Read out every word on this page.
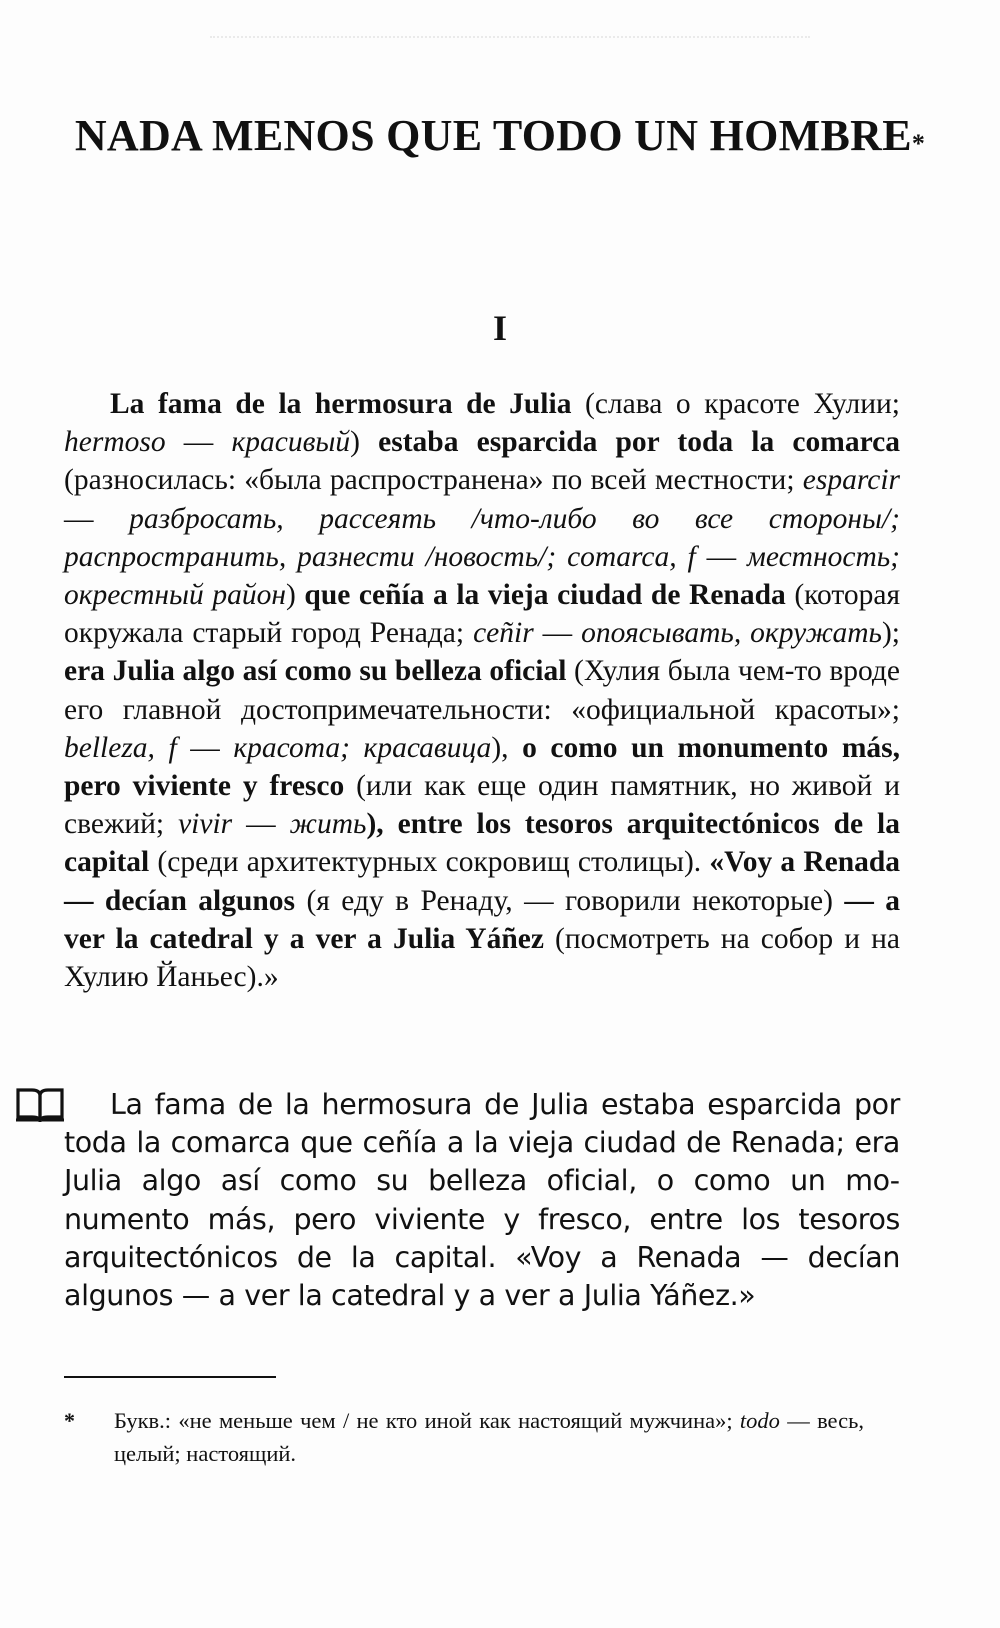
NADA MENOS QUE TODO UN HOMBRE*
I

La fama de la hermosura de Julia (слава о красоте Хулии; hermoso — красивый) estaba esparcida por toda la comarca (разносилась: «была распространена» по всей местности; esparcir — разбросать, рассеять /что-либо во все стороны/; распространить, разнести /новость/; comarca, f — местность; окрестный район) que ceñía a la vieja ciudad de Renada (которая окружала старый город Ренада; ceñir — опоясывать, окружать); era Julia algo así como su belleza oficial (Хулия была чем-то вроде его главной достопримечательности: «официальной красоты»; belleza, f — красота; красавица), o como un monumento más, pero viviente y fresco (или как еще один памятник, но живой и свежий; vivir — жить), entre los tesoros arquitectónicos de la capital (среди архитектурных сокровищ столицы). «Voy a Renada — decían algunos (я еду в Ренаду, — говорили некоторые) — a ver la catedral y a ver a Julia Yáñez (посмотреть на собор и на Хулию Йаньес).»

La fama de la hermosura de Julia estaba esparcida por toda la comarca que ceñía a la vieja ciudad de Renada; era Julia algo así como su belleza oficial, o como un monumento más, pero viviente y fresco, entre los tesoros arquitectónicos de la capital. «Voy a Renada — decían algunos — a ver la catedral y a ver a Julia Yáñez.»

*	Букв.: «не меньше чем / не кто иной как настоящий мужчина»; todo — весь, целый; настоящий.
